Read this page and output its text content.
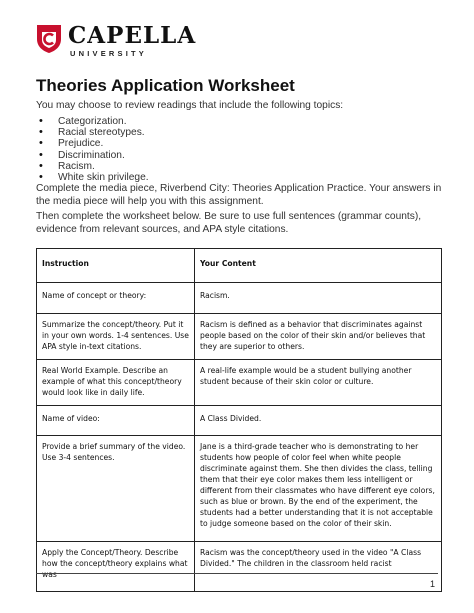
CAPELLA
UNIVERSITY
Theories Application Worksheet
You may choose to review readings that include the following topics:
• Categorization.
• Racial stereotypes.
• Prejudice.
• Discrimination.
• Racism.
• White skin privilege.
Complete the media piece, Riverbend City: Theories Application Practice. Your answers in the media piece will help you with this assignment.
Then complete the worksheet below. Be sure to use full sentences (grammar counts), evidence from relevant sources, and APA style citations.
Instruction	Your Content
Name of concept or theory:	Racism.
Summarize the concept/theory. Put it in your own words. 1-4 sentences. Use APA style in-text citations.	Racism is defined as a behavior that discriminates against people based on the color of their skin and/or believes that they are superior to others.
Real World Example. Describe an example of what this concept/theory would look like in daily life.	A real-life example would be a student bullying another student because of their skin color or culture.
Name of video:	A Class Divided.
Provide a brief summary of the video. Use 3-4 sentences.	Jane is a third-grade teacher who is demonstrating to her students how people of color feel when white people discriminate against them. She then divides the class, telling them that their eye color makes them less intelligent or different from their classmates who have different eye colors, such as blue or brown. By the end of the experiment, the students had a better understanding that it is not acceptable to judge someone based on the color of their skin.
Apply the Concept/Theory. Describe how the concept/theory explains what was	Racism was the concept/theory used in the video "A Class Divided." The children in the classroom held racist
1
